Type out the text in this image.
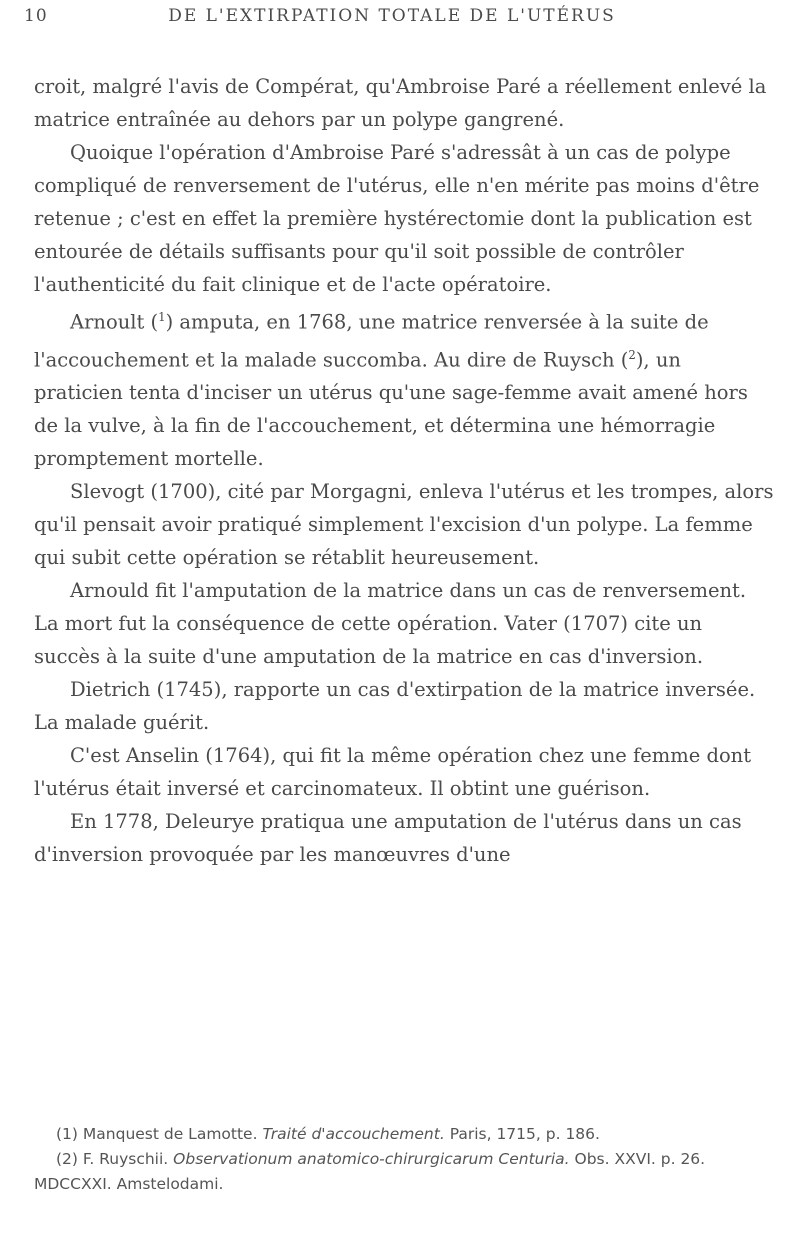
10	DE L'EXTIRPATION TOTALE DE L'UTÉRUS

croit, malgré l'avis de Compérat, qu'Ambroise Paré a réellement enlevé la matrice entraînée au dehors par un polype gangrené.

Quoique l'opération d'Ambroise Paré s'adressât à un cas de polype compliqué de renversement de l'utérus, elle n'en mérite pas moins d'être retenue ; c'est en effet la première hystérectomie dont la publication est entourée de détails suffisants pour qu'il soit possible de contrôler l'authenticité du fait clinique et de l'acte opératoire.

Arnoult ($^1$) amputa, en 1768, une matrice renversée à la suite de l'accouchement et la malade succomba. Au dire de Ruysch ($^2$), un praticien tenta d'inciser un utérus qu'une sage-femme avait amené hors de la vulve, à la fin de l'accouchement, et détermina une hémorragie promptement mortelle.

Slevogt (1700), cité par Morgagni, enleva l'utérus et les trompes, alors qu'il pensait avoir pratiqué simplement l'excision d'un polype. La femme qui subit cette opération se rétablit heureusement.

Arnould fit l'amputation de la matrice dans un cas de renversement. La mort fut la conséquence de cette opération. Vater (1707) cite un succès à la suite d'une amputation de la matrice en cas d'inversion.

Dietrich (1745), rapporte un cas d'extirpation de la matrice inversée. La malade guérit.

C'est Anselin (1764), qui fit la même opération chez une femme dont l'utérus était inversé et carcinomateux. Il obtint une guérison.

En 1778, Deleurye pratiqua une amputation de l'utérus dans un cas d'inversion provoquée par les manœuvres d'une

(1) Manquest de Lamotte. Traité d'accouchement. Paris, 1715, p. 186.

(2) F. Ruyschii. Observationum anatomico-chirurgicarum Centuria. Obs. XXVI. p. 26. MDCCXXI. Amstelodami.
